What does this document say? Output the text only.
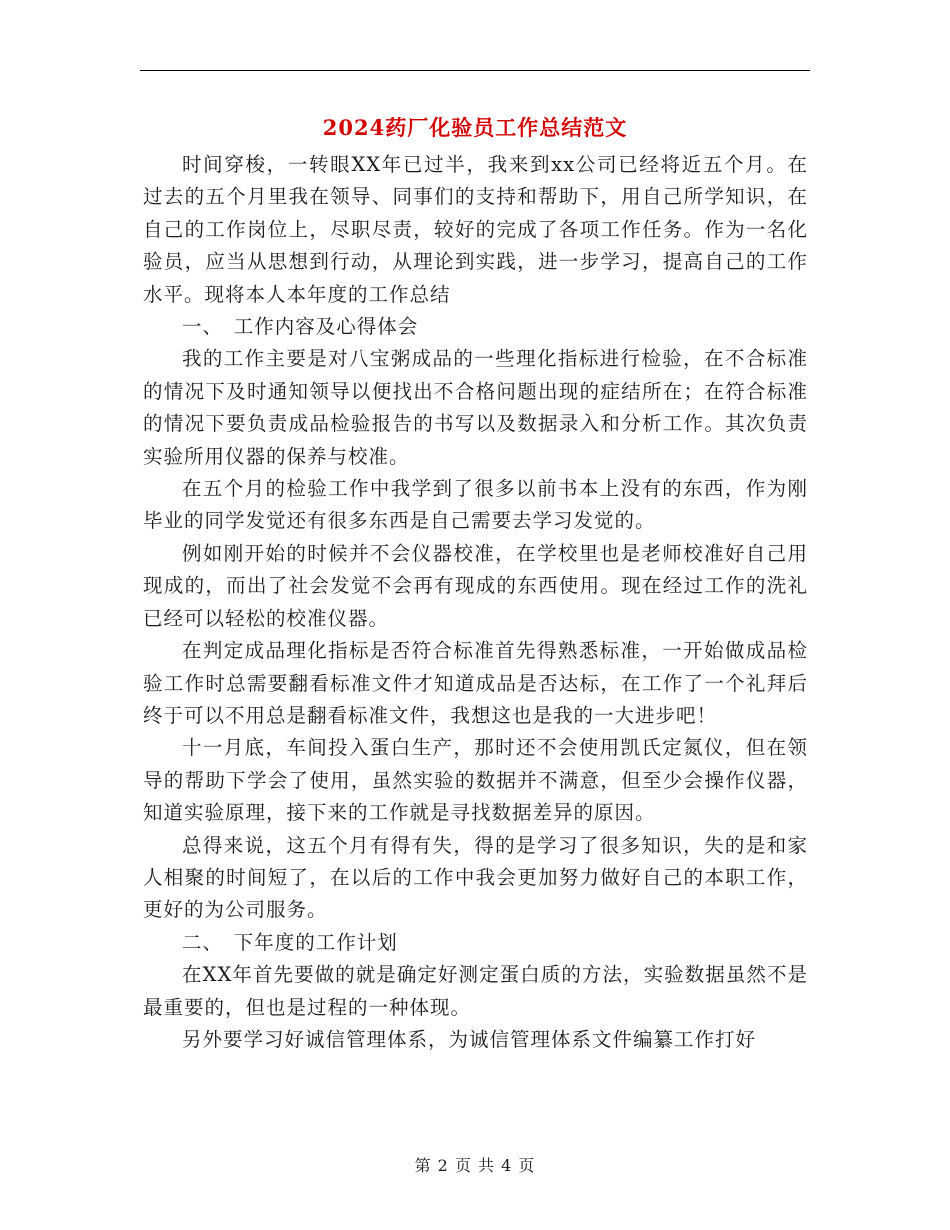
2024药厂化验员工作总结范文

时间穿梭，一转眼XX年已过半，我来到xx公司已经将近五个月。在过去的五个月里我在领导、同事们的支持和帮助下，用自己所学知识，在自己的工作岗位上，尽职尽责，较好的完成了各项工作任务。作为一名化验员，应当从思想到行动，从理论到实践，进一步学习，提高自己的工作水平。现将本人本年度的工作总结

一、　工作内容及心得体会

我的工作主要是对八宝粥成品的一些理化指标进行检验，在不合标准的情况下及时通知领导以便找出不合格问题出现的症结所在；在符合标准的情况下要负责成品检验报告的书写以及数据录入和分析工作。其次负责实验所用仪器的保养与校准。

在五个月的检验工作中我学到了很多以前书本上没有的东西，作为刚毕业的同学发觉还有很多东西是自己需要去学习发觉的。

例如刚开始的时候并不会仪器校准，在学校里也是老师校准好自己用现成的，而出了社会发觉不会再有现成的东西使用。现在经过工作的洗礼已经可以轻松的校准仪器。

在判定成品理化指标是否符合标准首先得熟悉标准，一开始做成品检验工作时总需要翻看标准文件才知道成品是否达标，在工作了一个礼拜后终于可以不用总是翻看标准文件，我想这也是我的一大进步吧！

十一月底，车间投入蛋白生产，那时还不会使用凯氏定氮仪，但在领导的帮助下学会了使用，虽然实验的数据并不满意，但至少会操作仪器，知道实验原理，接下来的工作就是寻找数据差异的原因。

总得来说，这五个月有得有失，得的是学习了很多知识，失的是和家人相聚的时间短了，在以后的工作中我会更加努力做好自己的本职工作，更好的为公司服务。

二、　下年度的工作计划

在XX年首先要做的就是确定好测定蛋白质的方法，实验数据虽然不是最重要的，但也是过程的一种体现。

另外要学习好诚信管理体系，为诚信管理体系文件编纂工作打好

第 2 页 共 4 页
